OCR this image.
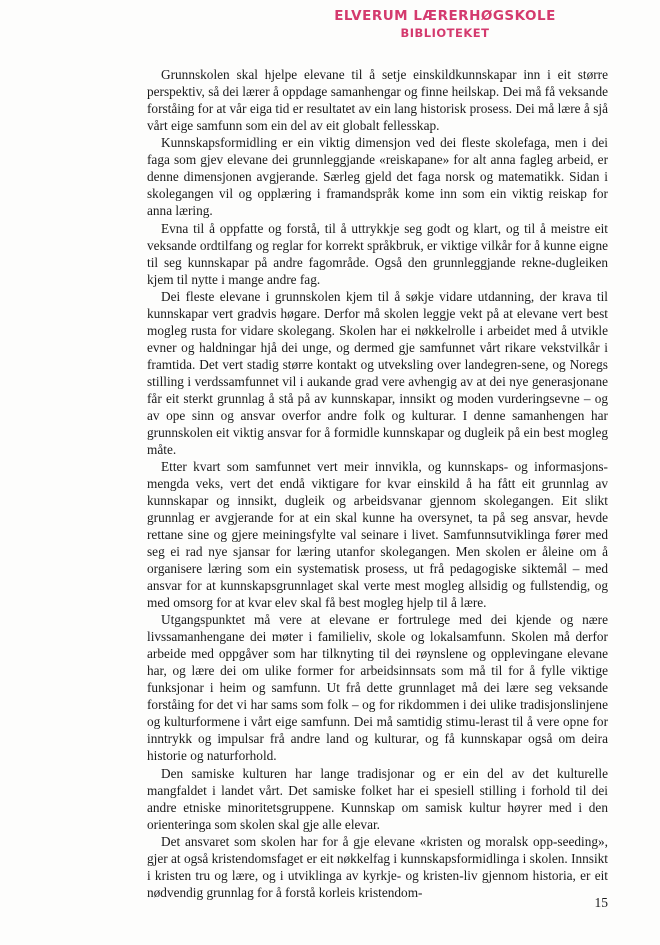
ELVERUM LÆRERHØGSKOLE
BIBLIOTEKET

Grunnskolen skal hjelpe elevane til å setje einskildkunnskapar inn i eit større perspektiv, så dei lærer å oppdage samanhengar og finne heilskap. Dei må få veksande forståing for at vår eiga tid er resultatet av ein lang historisk prosess. Dei må lære å sjå vårt eige samfunn som ein del av eit globalt fellesskap.

Kunnskapsformidling er ein viktig dimensjon ved dei fleste skolefaga, men i dei faga som gjev elevane dei grunnleggjande «reiskapane» for alt anna fagleg arbeid, er denne dimensjonen avgjerande. Særleg gjeld det faga norsk og matematikk. Sidan i skolegangen vil og opplæring i framandspråk kome inn som ein viktig reiskap for anna læring.

Evna til å oppfatte og forstå, til å uttrykkje seg godt og klart, og til å meistre eit veksande ordtilfang og reglar for korrekt språkbruk, er viktige vilkår for å kunne eigne til seg kunnskapar på andre fagområde. Også den grunnleggjande rekne-dugleiken kjem til nytte i mange andre fag.

Dei fleste elevane i grunnskolen kjem til å søkje vidare utdanning, der krava til kunnskapar vert gradvis høgare. Derfor må skolen leggje vekt på at elevane vert best mogleg rusta for vidare skolegang. Skolen har ei nøkkelrolle i arbeidet med å utvikle evner og haldningar hjå dei unge, og dermed gje samfunnet vårt rikare vekstvilkår i framtida. Det vert stadig større kontakt og utveksling over landegren-sene, og Noregs stilling i verdssamfunnet vil i aukande grad vere avhengig av at dei nye generasjonane får eit sterkt grunnlag å stå på av kunnskapar, innsikt og moden vurderingsevne – og av ope sinn og ansvar overfor andre folk og kulturar. I denne samanhengen har grunnskolen eit viktig ansvar for å formidle kunnskapar og dugleik på ein best mogleg måte.

Etter kvart som samfunnet vert meir innvikla, og kunnskaps- og informasjons-mengda veks, vert det endå viktigare for kvar einskild å ha fått eit grunnlag av kunnskapar og innsikt, dugleik og arbeidsvanar gjennom skolegangen. Eit slikt grunnlag er avgjerande for at ein skal kunne ha oversynet, ta på seg ansvar, hevde rettane sine og gjere meiningsfylte val seinare i livet. Samfunnsutviklinga fører med seg ei rad nye sjansar for læring utanfor skolegangen. Men skolen er åleine om å organisere læring som ein systematisk prosess, ut frå pedagogiske siktemål – med ansvar for at kunnskapsgrunnlaget skal verte mest mogleg allsidig og fullstendig, og med omsorg for at kvar elev skal få best mogleg hjelp til å lære.

Utgangspunktet må vere at elevane er fortrulege med dei kjende og nære livssamanhengane dei møter i familieliv, skole og lokalsamfunn. Skolen må derfor arbeide med oppgåver som har tilknyting til dei røynslene og opplevingane elevane har, og lære dei om ulike former for arbeidsinnsats som må til for å fylle viktige funksjonar i heim og samfunn. Ut frå dette grunnlaget må dei lære seg veksande forståing for det vi har sams som folk – og for rikdommen i dei ulike tradisjonslinjene og kulturformene i vårt eige samfunn. Dei må samtidig stimu-lerast til å vere opne for inntrykk og impulsar frå andre land og kulturar, og få kunnskapar også om deira historie og naturforhold.

Den samiske kulturen har lange tradisjonar og er ein del av det kulturelle mangfaldet i landet vårt. Det samiske folket har ei spesiell stilling i forhold til dei andre etniske minoritetsgruppene. Kunnskap om samisk kultur høyrer med i den orienteringa som skolen skal gje alle elevar.

Det ansvaret som skolen har for å gje elevane «kristen og moralsk opp-seeding», gjer at også kristendomsfaget er eit nøkkelfag i kunnskapsformidlinga i skolen. Innsikt i kristen tru og lære, og i utviklinga av kyrkje- og kristen-liv gjennom historia, er eit nødvendig grunnlag for å forstå korleis kristendom-

15
